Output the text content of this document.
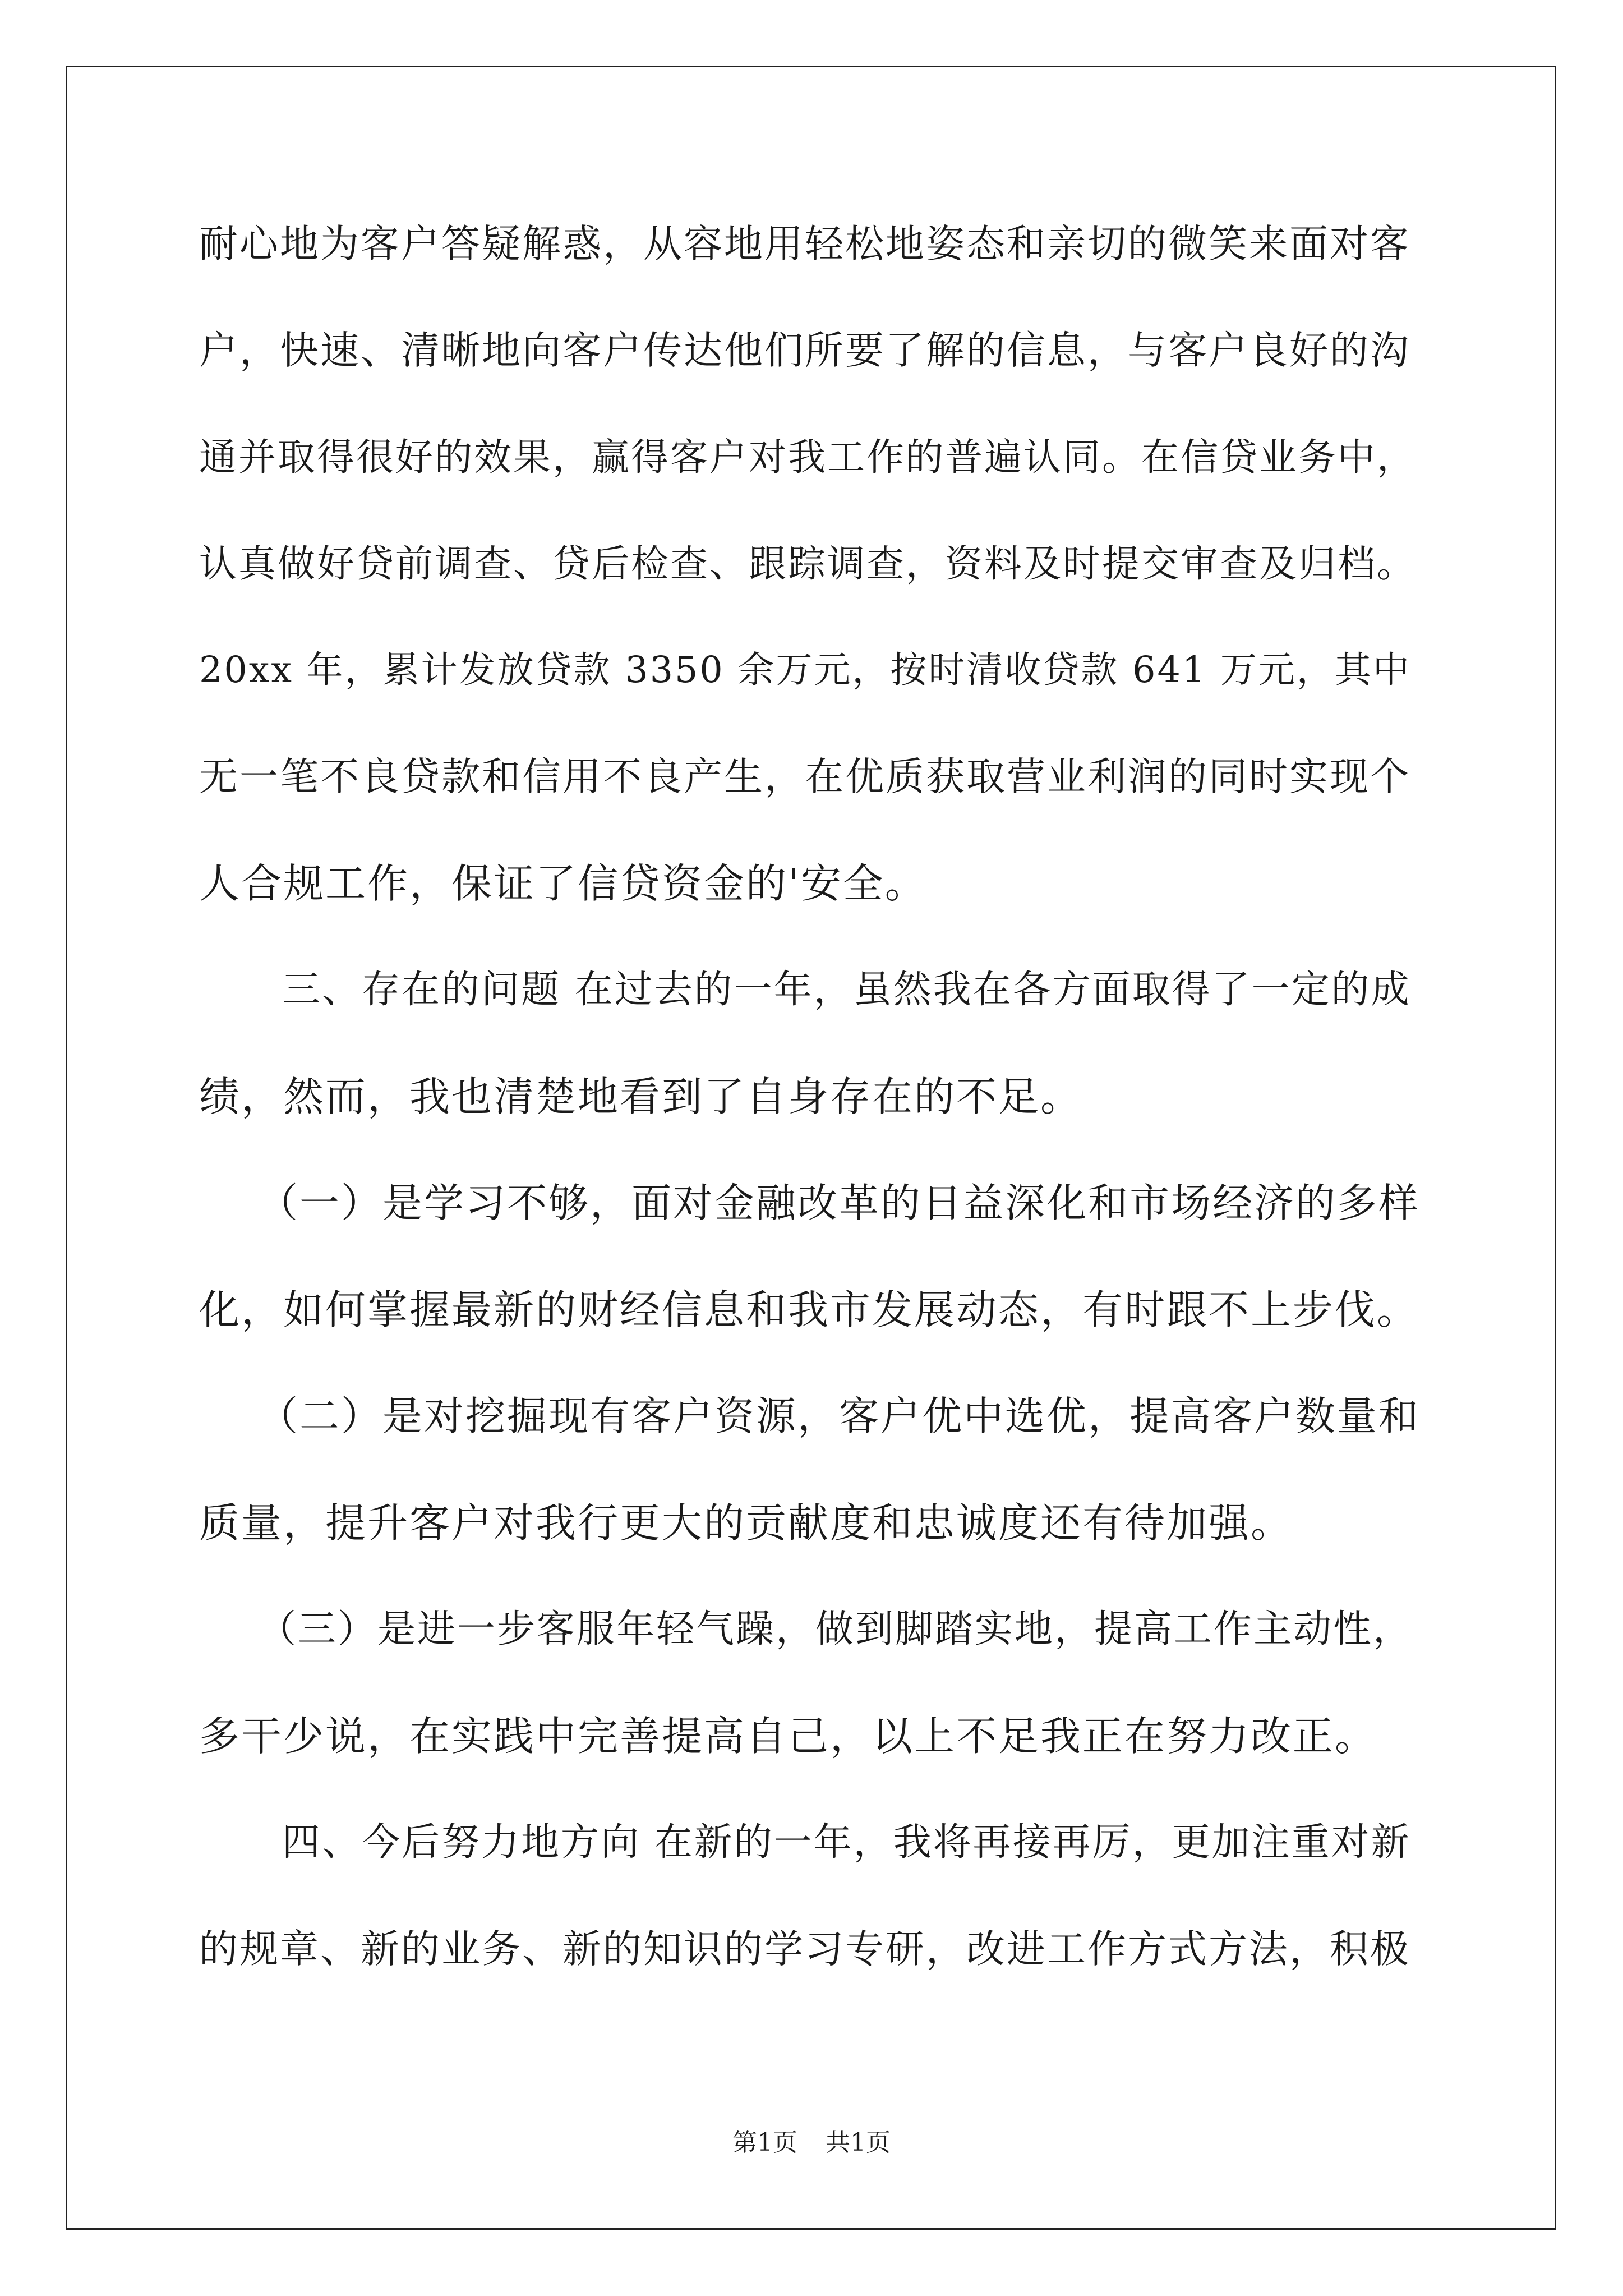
耐心地为客户答疑解惑，从容地用轻松地姿态和亲切的微笑来面对客
户，快速、清晰地向客户传达他们所要了解的信息，与客户良好的沟
通并取得很好的效果，赢得客户对我工作的普遍认同。在信贷业务中，
认真做好贷前调查、贷后检查、跟踪调查，资料及时提交审查及归档。
20xx 年，累计发放贷款 3350 余万元，按时清收贷款 641 万元，其中
无一笔不良贷款和信用不良产生，在优质获取营业利润的同时实现个
人合规工作，保证了信贷资金的'安全。
三、存在的问题 在过去的一年，虽然我在各方面取得了一定的成
绩，然而，我也清楚地看到了自身存在的不足。
（一）是学习不够，面对金融改革的日益深化和市场经济的多样
化，如何掌握最新的财经信息和我市发展动态，有时跟不上步伐。
（二）是对挖掘现有客户资源，客户优中选优，提高客户数量和
质量，提升客户对我行更大的贡献度和忠诚度还有待加强。
（三）是进一步客服年轻气躁，做到脚踏实地，提高工作主动性，
多干少说，在实践中完善提高自己，以上不足我正在努力改正。
四、今后努力地方向 在新的一年，我将再接再厉，更加注重对新
的规章、新的业务、新的知识的学习专研，改进工作方式方法，积极
第1页 共1页
